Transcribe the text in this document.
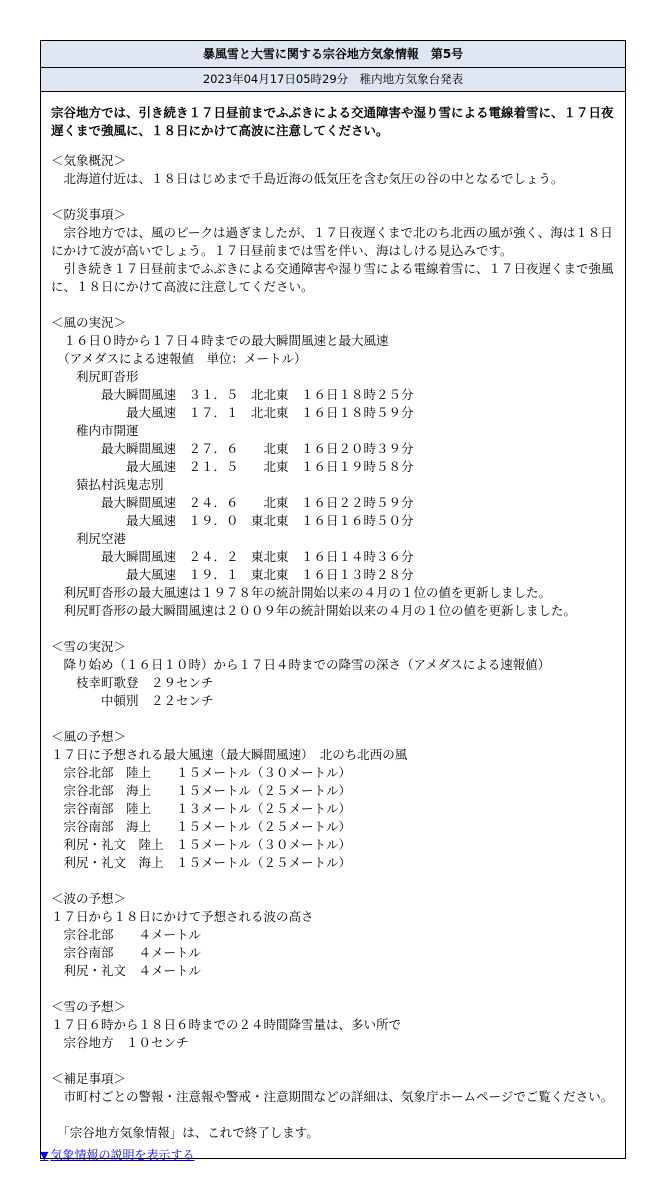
暴風雪と大雪に関する宗谷地方気象情報　第5号
2023年04月17日05時29分　稚内地方気象台発表
宗谷地方では、引き続き１７日昼前までふぶきによる交通障害や湿り雪による電線着雪に、１７日夜遅くまで強風に、１８日にかけて高波に注意してください。
＜気象概況＞
　北海道付近は、１８日はじめまで千島近海の低気圧を含む気圧の谷の中となるでしょう。
＜防災事項＞
　宗谷地方では、風のピークは過ぎましたが、１７日夜遅くまで北のち北西の風が強く、海は１８日にかけて波が高いでしょう。１７日昼前までは雪を伴い、海はしける見込みです。
　引き続き１７日昼前までふぶきによる交通障害や湿り雪による電線着雪に、１７日夜遅くまで強風に、１８日にかけて高波に注意してください。
＜風の実況＞
　１６日０時から１７日４時までの最大瞬間風速と最大風速
　（アメダスによる速報値　単位：メートル）
　　利尻町沓形
　　　　最大瞬間風速　３１．５　北北東　１６日１８時２５分
　　　　　　最大風速　１７．１　北北東　１６日１８時５９分
　　稚内市開運
　　　　最大瞬間風速　２７．６　　北東　１６日２０時３９分
　　　　　　最大風速　２１．５　　北東　１６日１９時５８分
　　猿払村浜鬼志別
　　　　最大瞬間風速　２４．６　　北東　１６日２２時５９分
　　　　　　最大風速　１９．０　東北東　１６日１６時５０分
　　利尻空港
　　　　最大瞬間風速　２４．２　東北東　１６日１４時３６分
　　　　　　最大風速　１９．１　東北東　１６日１３時２８分
　利尻町沓形の最大風速は１９７８年の統計開始以来の４月の１位の値を更新しました。
　利尻町沓形の最大瞬間風速は２００９年の統計開始以来の４月の１位の値を更新しました。
＜雪の実況＞
　降り始め（１６日１０時）から１７日４時までの降雪の深さ（アメダスによる速報値）
　　枝幸町歌登　２９センチ
　　　　中頓別　２２センチ
＜風の予想＞
１７日に予想される最大風速（最大瞬間風速）　北のち北西の風
　宗谷北部　陸上　　１５メートル（３０メートル）
　宗谷北部　海上　　１５メートル（２５メートル）
　宗谷南部　陸上　　１３メートル（２５メートル）
　宗谷南部　海上　　１５メートル（２５メートル）
　利尻・礼文　陸上　１５メートル（３０メートル）
　利尻・礼文　海上　１５メートル（２５メートル）
＜波の予想＞
１７日から１８日にかけて予想される波の高さ
　宗谷北部　　４メートル
　宗谷南部　　４メートル
　利尻・礼文　４メートル
＜雪の予想＞
１７日６時から１８日６時までの２４時間降雪量は、多い所で
　宗谷地方　１０センチ
＜補足事項＞
　市町村ごとの警報・注意報や警戒・注意期間などの詳細は、気象庁ホームページでご覧ください。
　「宗谷地方気象情報」は、これで終了します。
▼ 気象情報の説明を表示する
